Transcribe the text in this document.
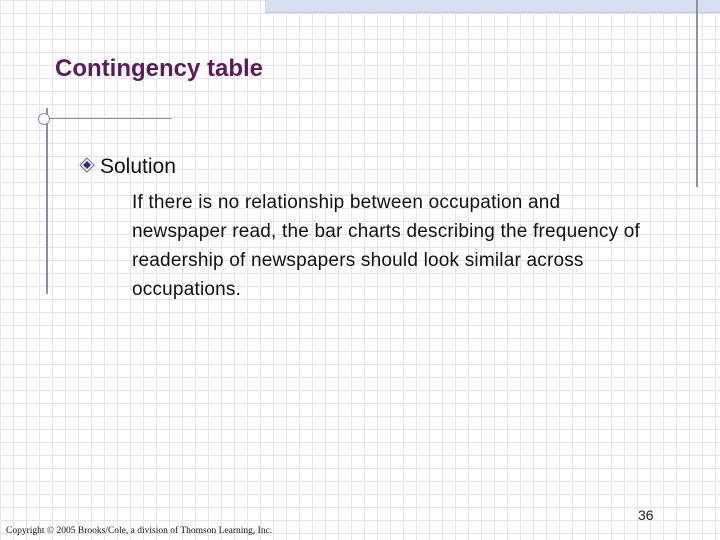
Contingency table
Solution

If there is no relationship between occupation and newspaper read, the bar charts describing the frequency of readership of newspapers should look similar across occupations.

36
Copyright © 2005 Brooks/Cole, a division of Thomson Learning, Inc.
